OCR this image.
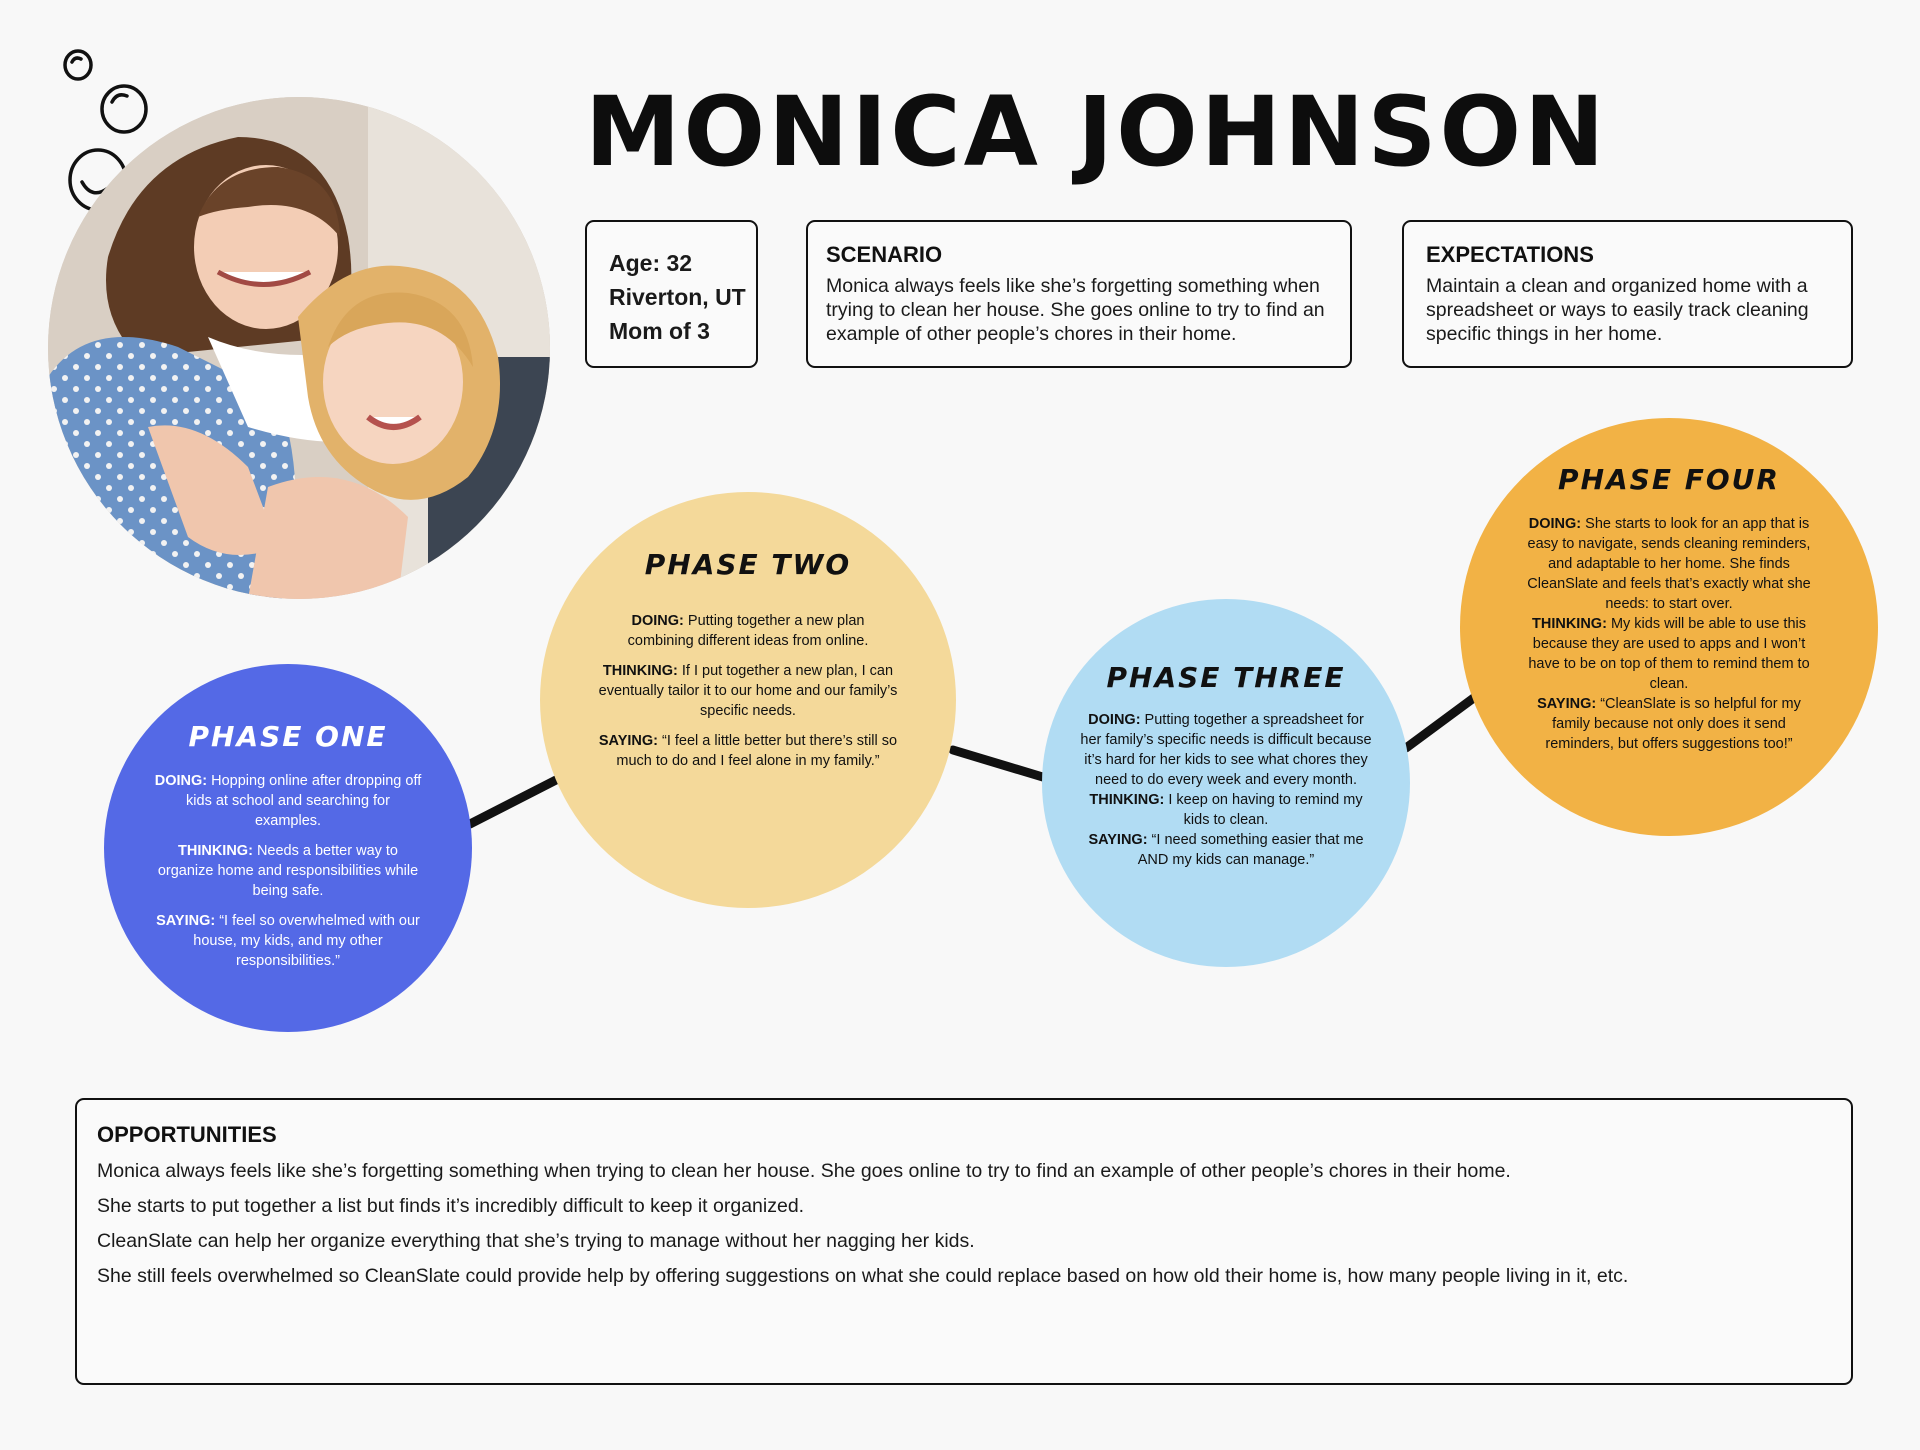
MONICA JOHNSON
Age: 32
Riverton, UT
Mom of 3
SCENARIO
Monica always feels like she’s forgetting something when trying to clean her house. She goes online to try to find an example of other people’s chores in their home.
EXPECTATIONS
Maintain a clean and organized home with a spreadsheet or ways to easily track cleaning specific things in her home.
PHASE ONE

DOING: Hopping online after dropping off kids at school and searching for examples.

THINKING: Needs a better way to organize home and responsibilities while being safe.

SAYING: “I feel so overwhelmed with our house, my kids, and my other responsibilities.”

PHASE TWO

DOING: Putting together a new plan combining different ideas from online.

THINKING: If I put together a new plan, I can eventually tailor it to our home and our family’s specific needs.

SAYING: “I feel a little better but there’s still so much to do and I feel alone in my family.”

PHASE THREE

DOING: Putting together a spreadsheet for her family’s specific needs is difficult because it’s hard for her kids to see what chores they need to do every week and every month.

THINKING: I keep on having to remind my kids to clean.

SAYING: “I need something easier that me AND my kids can manage.”

PHASE FOUR

DOING: She starts to look for an app that is easy to navigate, sends cleaning reminders, and adaptable to her home. She finds CleanSlate and feels that’s exactly what she needs: to start over.

THINKING: My kids will be able to use this because they are used to apps and I won’t have to be on top of them to remind them to clean.

SAYING: “CleanSlate is so helpful for my family because not only does it send reminders, but offers suggestions too!”

OPPORTUNITIES
Monica always feels like she’s forgetting something when trying to clean her house. She goes online to try to find an example of other people’s chores in their home.
She starts to put together a list but finds it’s incredibly difficult to keep it organized.
CleanSlate can help her organize everything that she’s trying to manage without her nagging her kids.
She still feels overwhelmed so CleanSlate could provide help by offering suggestions on what she could replace based on how old their home is, how many people living in it, etc.
